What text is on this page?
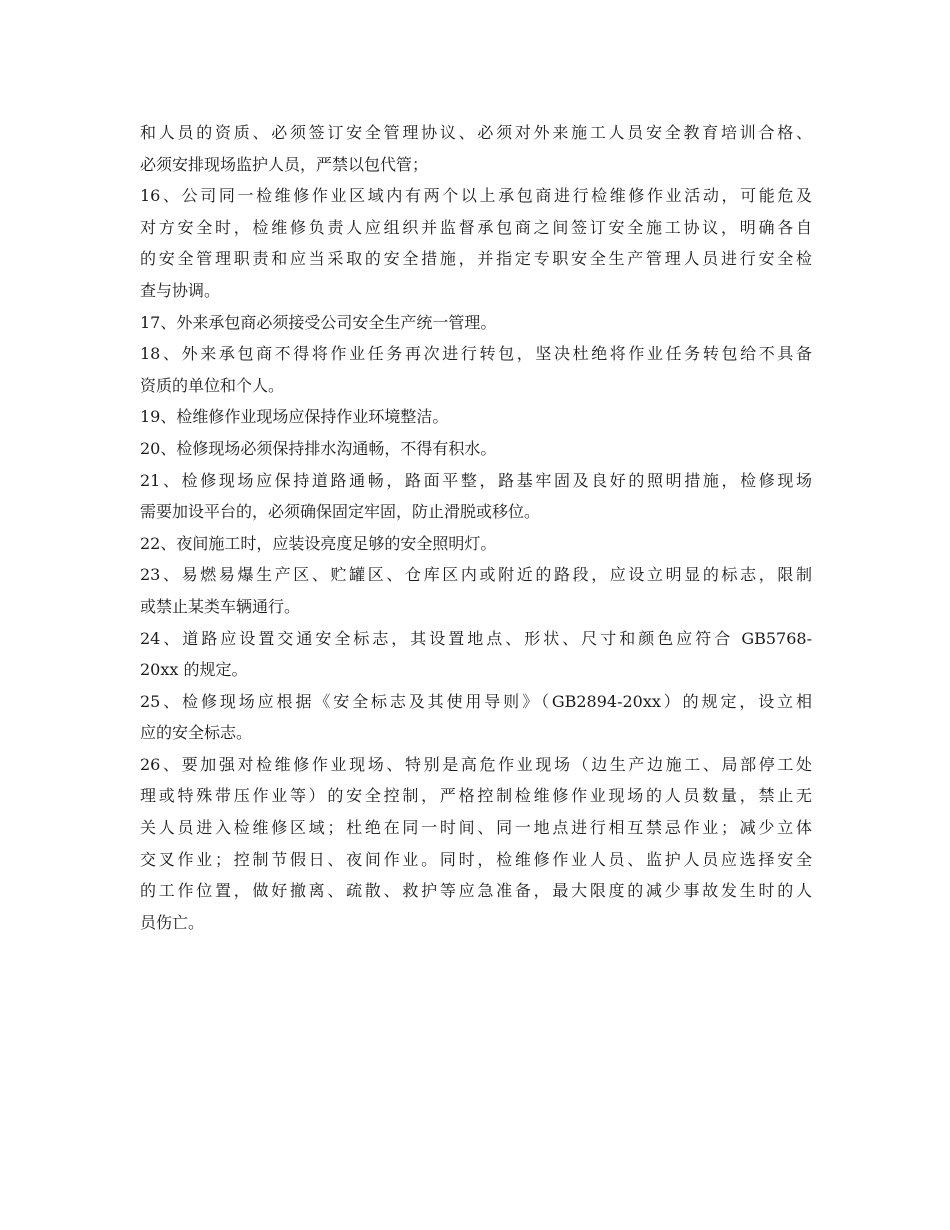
和人员的资质、必须签订安全管理协议、必须对外来施工人员安全教育培训合格、
必须安排现场监护人员，严禁以包代管；

16、公司同一检维修作业区域内有两个以上承包商进行检维修作业活动，可能危及
对方安全时，检维修负责人应组织并监督承包商之间签订安全施工协议，明确各自
的安全管理职责和应当采取的安全措施，并指定专职安全生产管理人员进行安全检
查与协调。

17、外来承包商必须接受公司安全生产统一管理。

18、外来承包商不得将作业任务再次进行转包，坚决杜绝将作业任务转包给不具备
资质的单位和个人。

19、检维修作业现场应保持作业环境整洁。

20、检修现场必须保持排水沟通畅，不得有积水。

21、检修现场应保持道路通畅，路面平整，路基牢固及良好的照明措施，检修现场
需要加设平台的，必须确保固定牢固，防止滑脱或移位。

22、夜间施工时，应装设亮度足够的安全照明灯。

23、易燃易爆生产区、贮罐区、仓库区内或附近的路段，应设立明显的标志，限制
或禁止某类车辆通行。

24、道路应设置交通安全标志，其设置地点、形状、尺寸和颜色应符合 GB5768-
20xx 的规定。

25、检修现场应根据《安全标志及其使用导则》（GB2894-20xx）的规定，设立相
应的安全标志。

26、要加强对检维修作业现场、特别是高危作业现场（边生产边施工、局部停工处
理或特殊带压作业等）的安全控制，严格控制检维修作业现场的人员数量，禁止无
关人员进入检维修区域；杜绝在同一时间、同一地点进行相互禁忌作业；减少立体
交叉作业；控制节假日、夜间作业。同时，检维修作业人员、监护人员应选择安全
的工作位置，做好撤离、疏散、救护等应急准备，最大限度的减少事故发生时的人
员伤亡。
